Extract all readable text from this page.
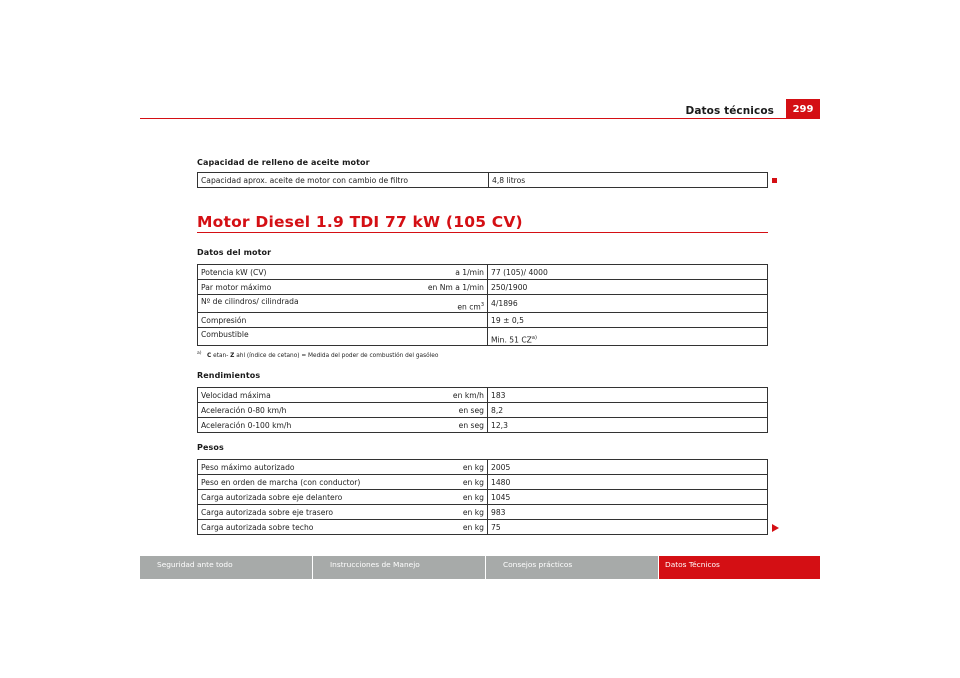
Datos técnicos	299
Capacidad de relleno de aceite motor
Capacidad aprox. aceite de motor con cambio de filtro	4,8 litros
Motor Diesel 1.9 TDI 77 kW (105 CV)
Datos del motor
Potencia kW (CV)	a 1/min	77 (105)/ 4000
Par motor máximo	en Nm a 1/min	250/1900
Nº de cilindros/ cilindrada	en $cm^3$	4/1896
Compresión		19 ± 0,5
Combustible		Min. 51 CZ$^{a)}$
$^{a)}$ C etan- Z ahl (índice de cetano) = Medida del poder de combustión del gasóleo
Rendimientos
Velocidad máxima	en km/h	183
Aceleración 0-80 km/h	en seg	8,2
Aceleración 0-100 km/h	en seg	12,3
Pesos
Peso máximo autorizado	en kg	2005
Peso en orden de marcha (con conductor)	en kg	1480
Carga autorizada sobre eje delantero	en kg	1045
Carga autorizada sobre eje trasero	en kg	983
Carga autorizada sobre techo	en kg	75
Seguridad ante todo	Instrucciones de Manejo	Consejos prácticos	Datos Técnicos
